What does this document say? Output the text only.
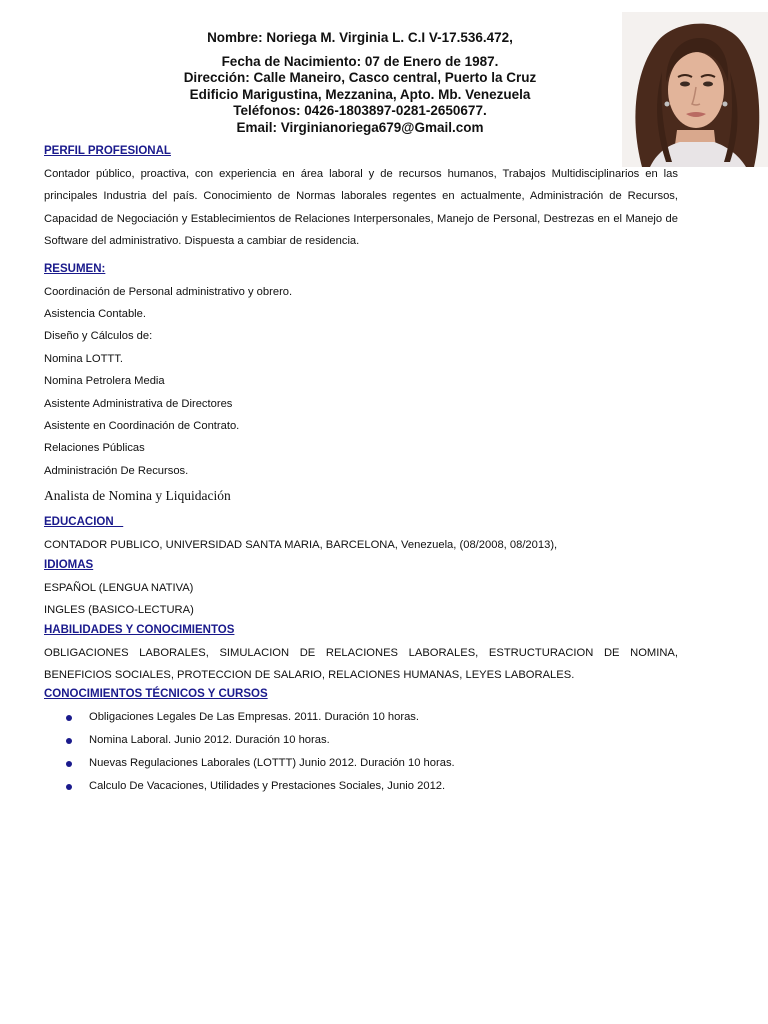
Nombre: Noriega M. Virginia L. C.I V-17.536.472,
Fecha de Nacimiento: 07 de Enero de 1987.
Dirección: Calle Maneiro, Casco central, Puerto la Cruz
Edificio Marigustina, Mezzanina, Apto. Mb. Venezuela
Teléfonos: 0426-1803897-0281-2650677.
Email: Virginianoriega679@Gmail.com

PERFIL PROFESIONAL

Contador público, proactiva, con experiencia en área laboral y de recursos humanos, Trabajos Multidisciplinarios en las principales Industria del país. Conocimiento de Normas laborales regentes en actualmente, Administración de Recursos, Capacidad de Negociación y Establecimientos de Relaciones Interpersonales, Manejo de Personal, Destrezas en el Manejo de Software del administrativo. Dispuesta a cambiar de residencia.

RESUMEN:

Coordinación de Personal administrativo y obrero.

Asistencia Contable.

Diseño y Cálculos de:

Nomina LOTTT.

Nomina Petrolera Media

Asistente Administrativa de Directores

Asistente en Coordinación de Contrato.

Relaciones Públicas

Administración De Recursos.

Analista de Nomina y Liquidación

EDUCACION

CONTADOR PUBLICO, UNIVERSIDAD SANTA MARIA, BARCELONA, Venezuela, (08/2008, 08/2013),

IDIOMAS

ESPAÑOL (LENGUA NATIVA)

INGLES (BASICO-LECTURA)

HABILIDADES Y CONOCIMIENTOS

OBLIGACIONES LABORALES, SIMULACION DE RELACIONES LABORALES, ESTRUCTURACION DE NOMINA, BENEFICIOS SOCIALES, PROTECCION DE SALARIO, RELACIONES HUMANAS, LEYES LABORALES.

CONOCIMIENTOS TÉCNICOS Y CURSOS

Obligaciones Legales De Las Empresas. 2011. Duración 10 horas.
Nomina Laboral. Junio 2012. Duración 10 horas.
Nuevas Regulaciones Laborales (LOTTT) Junio 2012. Duración 10 horas.
Calculo De Vacaciones, Utilidades y Prestaciones Sociales, Junio 2012.
